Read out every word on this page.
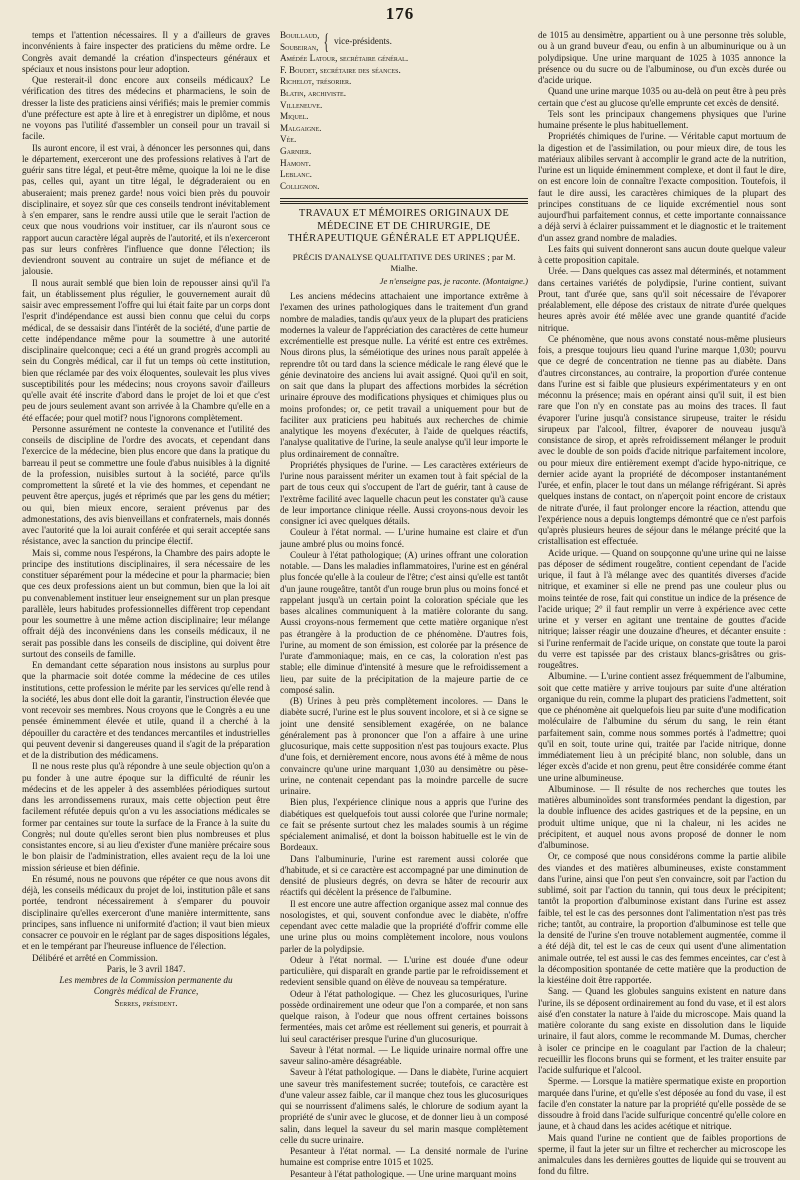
176

temps et l'attention nécessaires. Il y a d'ailleurs de graves inconvénients à faire inspecter des praticiens du même ordre. Le Congrès avait demandé la création d'inspecteurs généraux et spéciaux et nous insistons pour leur adoption.

Que resterait-il donc encore aux conseils médicaux? Le vérification des titres des médecins et pharmaciens, le soin de dresser la liste des praticiens ainsi vérifiés; mais le premier commis d'une préfecture est apte à lire et à enregistrer un diplôme, et nous ne voyons pas l'utilité d'assembler un conseil pour un travail si facile.

Ils auront encore, il est vrai, à dénoncer les personnes qui, dans le département, exerceront une des professions relatives à l'art de guérir sans titre légal, et peut-être même, quoique la loi ne le dise pas, celles qui, ayant un titre légal, le dégraderaient ou en abuseraient; mais prenez garde! nous voici bien près du pouvoir disciplinaire, et soyez sûr que ces conseils tendront inévitablement à s'en emparer, sans le rendre aussi utile que le serait l'action de ceux que nous voudrions voir instituer, car ils n'auront sous ce rapport aucun caractère légal auprès de l'autorité, et ils n'exerceront pas sur leurs confrères l'influence que donne l'élection; ils deviendront souvent au contraire un sujet de méfiance et de jalousie.

Il nous aurait semblé que bien loin de repousser ainsi qu'il l'a fait, un établissement plus régulier, le gouvernement aurait dû saisir avec empressement l'offre qui lui était faite par un corps dont l'esprit d'indépendance est aussi bien connu que celui du corps médical, de se dessaisir dans l'intérêt de la société, d'une partie de cette indépendance même pour la soumettre à une autorité disciplinaire quelconque; ceci a été un grand progrès accompli au sein du Congrès médical, car il fut un temps où cette institution, bien que réclamée par des voix éloquentes, soulevait les plus vives susceptibilités pour les médecins; nous croyons savoir d'ailleurs qu'elle avait été inscrite d'abord dans le projet de loi et que c'est peu de jours seulement avant son arrivée à la Chambre qu'elle en a été effacée; pour quel motif? nous l'ignorons complètement.

Personne assurément ne conteste la convenance et l'utilité des conseils de discipline de l'ordre des avocats, et cependant dans l'exercice de la médecine, bien plus encore que dans la pratique du barreau il peut se commettre une foule d'abus nuisibles à la dignité de la profession, nuisibles surtout à la société, parce qu'ils compromettent la sûreté et la vie des hommes, et cependant ne peuvent être aperçus, jugés et réprimés que par les gens du métier; ou qui, bien mieux encore, seraient prévenus par des admonestations, des avis bienveillans et confraternels, mais donnés avec l'autorité que la loi aurait conférée et qui serait acceptée sans résistance, avec la sanction du principe électif.

Mais si, comme nous l'espérons, la Chambre des pairs adopte le principe des institutions disciplinaires, il sera nécessaire de les constituer séparément pour la médecine et pour la pharmacie; bien que ces deux professions aient un but commun, bien que la loi ait pu convenablement instituer leur enseignement sur un plan presque parallèle, leurs habitudes professionnelles diffèrent trop cependant pour les soumettre à une même action disciplinaire; leur mélange offrait déjà des inconvéniens dans les conseils médicaux, il ne serait pas possible dans les conseils de discipline, qui doivent être surtout des conseils de famille.

En demandant cette séparation nous insistons au surplus pour que la pharmacie soit dotée comme la médecine de ces utiles institutions, cette profession le mérite par les services qu'elle rend à la société, les abus dont elle doit la garantir, l'instruction élevée que vont recevoir ses membres. Nous croyons que le Congrès a eu une pensée éminemment élevée et utile, quand il a cherché à la dépouiller du caractère et des tendances mercantiles et industrielles qui peuvent devenir si dangereuses quand il s'agit de la préparation et de la distribution des médicamens.

Il ne nous reste plus qu'à répondre à une seule objection qu'on a pu fonder à une autre époque sur la difficulté de réunir les médecins et de les appeler à des assemblées périodiques surtout dans les arrondissemens ruraux, mais cette objection peut être facilement réfutée depuis qu'on a vu les associations médicales se former par centaines sur toute la surface de la France à la suite du Congrès; nul doute qu'elles seront bien plus nombreuses et plus consistantes encore, si au lieu d'exister d'une manière précaire sous le bon plaisir de l'administration, elles avaient reçu de la loi une mission sérieuse et bien définie.

En résumé, nous ne pouvons que répéter ce que nous avons dit déjà, les conseils médicaux du projet de loi, institution pâle et sans portée, tendront nécessairement à s'emparer du pouvoir disciplinaire qu'elles exerceront d'une manière intermittente, sans principes, sans influence ni uniformité d'action; il vaut bien mieux consacrer ce pouvoir en le réglant par de sages dispositions légales, et en le tempérant par l'heureuse influence de l'élection.

Délibéré et arrêté en Commission.

Paris, le 3 avril 1847.

Les membres de la Commission permanente du

Congrès médical de France,

Serres, président.

Bouillaud,
Soubeiran, { vice-présidents.
Amédée Latour, secrétaire général.
F. Boudet, secrétaire des séances.
Richelot, trésorier.
Blatin, archiviste.
Villeneuve.
Miquel.
Malgaigne.
Vée.
Garnier.
Hamont.
Leblanc.
Collignon.
TRAVAUX ET MÉMOIRES ORIGINAUX DE MÉDECINE ET DE CHIRURGIE, DE THÉRAPEUTIQUE GÉNÉRALE ET APPLIQUÉE.
PRÉCIS D'ANALYSE QUALITATIVE DES URINES ; par M. Mialhe.
Je n'enseigne pas, je raconte. (Montaigne.)

Les anciens médecins attachaient une importance extrême à l'examen des urines pathologiques dans le traitement d'un grand nombre de maladies, tandis qu'aux yeux de la plupart des praticiens modernes la valeur de l'appréciation des caractères de cette humeur excrémentielle est presque nulle. La vérité est entre ces extrêmes. Nous dirons plus, la séméiotique des urines nous paraît appelée à reprendre tôt ou tard dans la science médicale le rang élevé que le génie devinatoire des anciens lui avait assigné. Quoi qu'il en soit, on sait que dans la plupart des affections morbides la sécrétion urinaire éprouve des modifications physiques et chimiques plus ou moins profondes; or, ce petit travail a uniquement pour but de faciliter aux praticiens peu habitués aux recherches de chimie analytique les moyens d'exécuter, à l'aide de quelques réactifs, l'analyse qualitative de l'urine, la seule analyse qu'il leur importe le plus ordinairement de connaître.

Propriétés physiques de l'urine. — Les caractères extérieurs de l'urine nous paraissent mériter un examen tout à fait spécial de la part de tous ceux qui s'occupent de l'art de guérir, tant à cause de l'extrême facilité avec laquelle chacun peut les constater qu'à cause de leur importance clinique réelle. Aussi croyons-nous devoir les consigner ici avec quelques détails.

Couleur à l'état normal. — L'urine humaine est claire et d'un jaune ambré plus ou moins foncé.

Couleur à l'état pathologique; (A) urines offrant une coloration notable. — Dans les maladies inflammatoires, l'urine est en général plus foncée qu'elle à la couleur de l'être; c'est ainsi qu'elle est tantôt d'un jaune rougeâtre, tantôt d'un rouge brun plus ou moins foncé et rappelant jusqu'à un certain point la coloration spéciale que les bases alcalines communiquent à la matière colorante du sang. Aussi croyons-nous fermement que cette matière organique n'est pas étrangère à la production de ce phénomène. D'autres fois, l'urine, au moment de son émission, est colorée par la présence de l'urate d'ammoniaque; mais, en ce cas, la coloration n'est pas stable; elle diminue d'intensité à mesure que le refroidissement a lieu, par suite de la précipitation de la majeure partie de ce composé salin.

(B) Urines à peu près complètement incolores. — Dans le diabète sucré, l'urine est le plus souvent incolore, et si à ce signe se joint une densité sensiblement exagérée, on ne balance généralement pas à prononcer que l'on a affaire à une urine glucosurique, mais cette supposition n'est pas toujours exacte. Plus d'une fois, et dernièrement encore, nous avons été à même de nous convaincre qu'une urine marquant 1,030 au densimètre ou pèse-urine, ne contenait cependant pas la moindre parcelle de sucre urinaire.

Bien plus, l'expérience clinique nous a appris que l'urine des diabétiques est quelquefois tout aussi colorée que l'urine normale; ce fait se présente surtout chez les malades soumis à un régime spécialement animalisé, et dont la boisson habituelle est le vin de Bordeaux.

Dans l'albuminurie, l'urine est rarement aussi colorée que d'habitude, et si ce caractère est accompagné par une diminution de densité de plusieurs degrés, on devra se hâter de recourir aux réactifs qui décèlent la présence de l'albumine.

Il est encore une autre affection organique assez mal connue des nosologistes, et qui, souvent confondue avec le diabète, n'offre cependant avec cette maladie que la propriété d'offrir comme elle une urine plus ou moins complètement incolore, nous voulons parler de la polydipsie.

Odeur à l'état normal. — L'urine est douée d'une odeur particulière, qui disparaît en grande partie par le refroidissement et redevient sensible quand on élève de nouveau sa température.

Odeur à l'état pathologique. — Chez les glucosuriques, l'urine possède ordinairement une odeur que l'on a comparée, et non sans quelque raison, à l'odeur que nous offrent certaines boissons fermentées, mais cet arôme est réellement sui generis, et pourrait à lui seul caractériser presque l'urine d'un glucosurique.

Saveur à l'état normal. — Le liquide urinaire normal offre une saveur salino-amère désagréable.

Saveur à l'état pathologique. — Dans le diabète, l'urine acquiert une saveur très manifestement sucrée; toutefois, ce caractère est d'une valeur assez faible, car il manque chez tous les glucosuriques qui se nourrissent d'alimens salés, le chlorure de sodium ayant la propriété de s'unir avec le glucose, et de donner lieu à un composé salin, dans lequel la saveur du sel marin masque complètement celle du sucre urinaire.

Pesanteur à l'état normal. — La densité normale de l'urine humaine est comprise entre 1015 et 1025.

Pesanteur à l'état pathologique. — Une urine marquant moins

de 1015 au densimètre, appartient ou à une personne très soluble, ou à un grand buveur d'eau, ou enfin à un albuminurique ou à un polydipsique. Une urine marquant de 1025 à 1035 annonce la présence ou du sucre ou de l'albuminose, ou d'un excès durée ou d'acide urique.

Quand une urine marque 1035 ou au-delà on peut être à peu près certain que c'est au glucose qu'elle emprunte cet excès de densité.

Tels sont les principaux changemens physiques que l'urine humaine présente le plus habituellement.

Propriétés chimiques de l'urine. — Véritable caput mortuum de la digestion et de l'assimilation, ou pour mieux dire, de tous les matériaux alibiles servant à accomplir le grand acte de la nutrition, l'urine est un liquide éminemment complexe, et dont il faut le dire, on est encore loin de connaître l'exacte composition. Toutefois, il faut le dire aussi, les caractères chimiques de la plupart des principes constituans de ce liquide excrémentiel nous sont aujourd'hui parfaitement connus, et cette importante connaissance a déjà servi à éclairer puissamment et le diagnostic et le traitement d'un assez grand nombre de maladies.

Les faits qui suivent donneront sans aucun doute quelque valeur à cette proposition capitale.

Urée. — Dans quelques cas assez mal déterminés, et notamment dans certaines variétés de polydipsie, l'urine contient, suivant Prout, tant d'urée que, sans qu'il soit nécessaire de l'évaporer préalablement, elle dépose des cristaux de nitrate d'urée quelques heures après avoir été mêlée avec une grande quantité d'acide nitrique.

Ce phénomène, que nous avons constaté nous-même plusieurs fois, a presque toujours lieu quand l'urine marque 1,030; pourvu que ce degré de concentration ne tienne pas au diabète. Dans d'autres circonstances, au contraire, la proportion d'urée contenue dans l'urine est si faible que plusieurs expérimentateurs y en ont méconnu la présence; mais en opérant ainsi qu'il suit, il est bien rare que l'on n'y en constate pas au moins des traces. Il faut évaporer l'urine jusqu'à consistance sirupeuse, traiter le résidu sirupeux par l'alcool, filtrer, évaporer de nouveau jusqu'à consistance de sirop, et après refroidissement mélanger le produit avec le double de son poids d'acide nitrique parfaitement incolore, ou pour mieux dire entièrement exempt d'acide hypo-nitrique, ce dernier acide ayant la propriété de décomposer instantanément l'urée, et enfin, placer le tout dans un mélange réfrigérant. Si après quelques instans de contact, on n'aperçoit point encore de cristaux de nitrate d'urée, il faut prolonger encore la réaction, attendu que l'expérience nous a depuis longtemps démontré que ce n'est parfois qu'après plusieurs heures de séjour dans le mélange précité que la cristallisation est effectuée.

Acide urique. — Quand on soupçonne qu'une urine qui ne laisse pas déposer de sédiment rougeâtre, contient cependant de l'acide urique, il faut à l'à mélange avec des quantités diverses d'acide nitrique, et examiner si elle ne prend pas une couleur plus ou moins teintée de rose, fait qui constitue un indice de la présence de l'acide urique; 2° il faut remplir un verre à expérience avec cette urine et y verser en agitant une trentaine de gouttes d'acide nitrique; laisser réagir une douzaine d'heures, et décanter ensuite : si l'urine renfermait de l'acide urique, on constate que toute la paroi du verre est tapissée par des cristaux blancs-grisâtres ou gris-rougeâtres.

Albumine. — L'urine contient assez fréquemment de l'albumine, soit que cette matière y arrive toujours par suite d'une altération organique du rein, comme la plupart des praticiens l'admettent, soit que ce phénomène ait quelquefois lieu par suite d'une modification moléculaire de l'albumine du sérum du sang, le rein étant parfaitement sain, comme nous sommes portés à l'admettre; quoi qu'il en soit, toute urine qui, traitée par l'acide nitrique, donne immédiatement lieu à un précipité blanc, non soluble, dans un léger excès d'acide et non grenu, peut être considérée comme étant une urine albumineuse.

Albuminose. — Il résulte de nos recherches que toutes les matières albuminoïdes sont transformées pendant la digestion, par la double influence des acides gastriques et de la pepsine, en un produit ultime unique, que ni la chaleur, ni les acides ne précipitent, et auquel nous avons proposé de donner le nom d'albuminose.

Or, ce composé que nous considérons comme la partie alibile des viandes et des matières albumineuses, existe constamment dans l'urine, ainsi que l'on peut s'en convaincre, soit par l'action du sublimé, soit par l'action du tannin, qui tous deux le précipitent; tantôt la proportion d'albuminose existant dans l'urine est assez faible, tel est le cas des personnes dont l'alimentation n'est pas très riche; tantôt, au contraire, la proportion d'albuminose est telle que la densité de l'urine s'en trouve notablement augmentée, comme il a été déjà dit, tel est le cas de ceux qui usent d'une alimentation animale outrée, tel est aussi le cas des femmes enceintes, car c'est à la décomposition spontanée de cette matière que la production de la kiestéine doit être rapportée.

Sang. — Quand les globules sanguins existent en nature dans l'urine, ils se déposent ordinairement au fond du vase, et il est alors aisé d'en constater la nature à l'aide du microscope. Mais quand la matière colorante du sang existe en dissolution dans le liquide urinaire, il faut alors, comme le recommande M. Dumas, chercher à isoler ce principe en le coagulant par l'action de la chaleur; recueillir les flocons bruns qui se forment, et les traiter ensuite par l'acide sulfurique et l'alcool.

Sperme. — Lorsque la matière spermatique existe en proportion marquée dans l'urine, et qu'elle s'est déposée au fond du vase, il est facile d'en constater la nature par la propriété qu'elle possède de se dissoudre à froid dans l'acide sulfurique concentré qu'elle colore en jaune, et à chaud dans les acides acétique et nitrique.

Mais quand l'urine ne contient que de faibles proportions de sperme, il faut la jeter sur un filtre et rechercher au microscope les animalcules dans les dernières gouttes de liquide qui se trouvent au fond du filtre.
